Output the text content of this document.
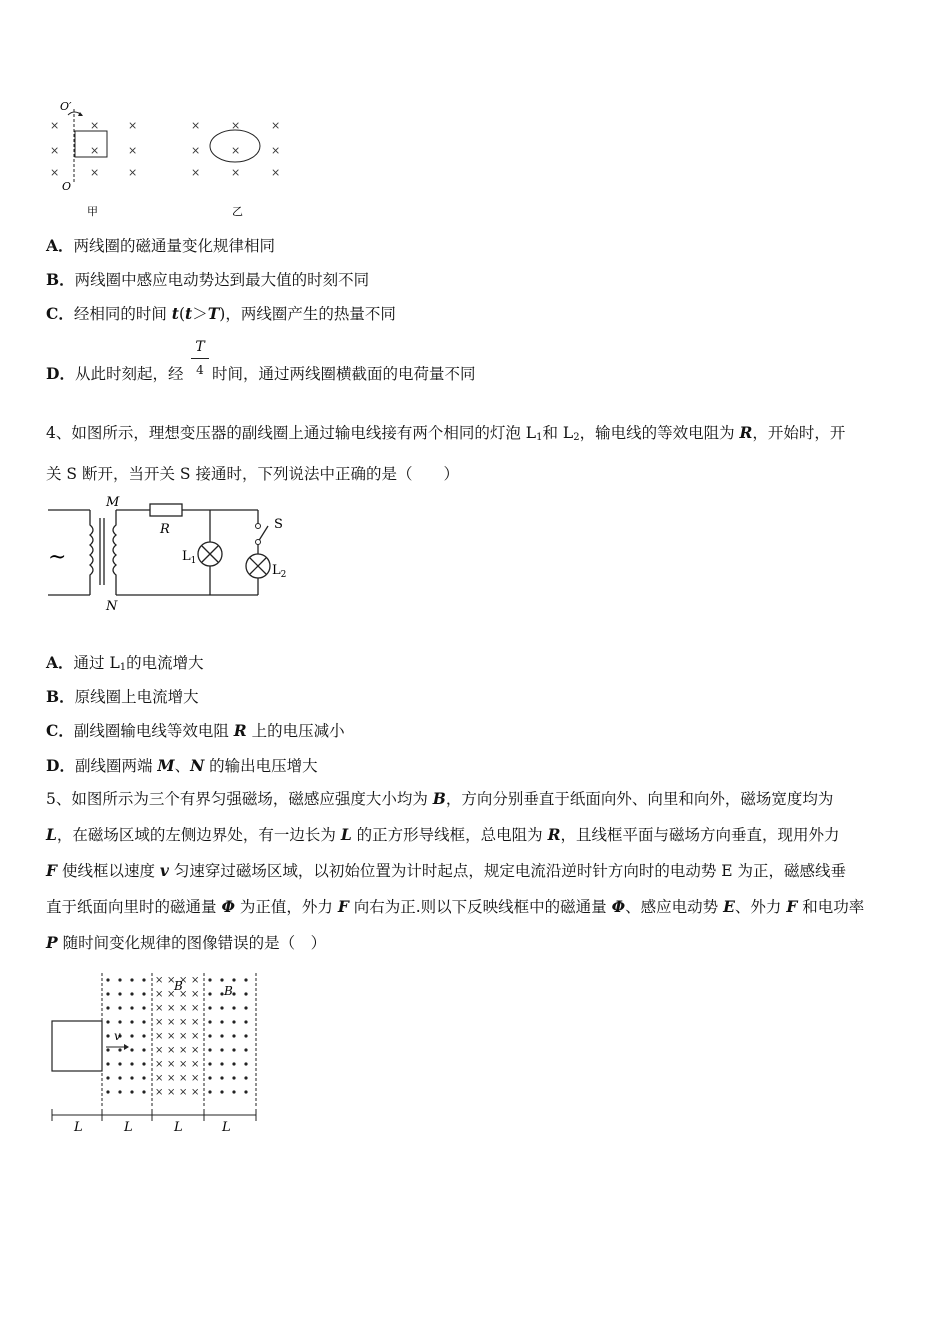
×	×	×
×	×	×
×	×	×
O′
O
甲
×	×	×
×	×	×
×	×	×
乙
A．两线圈的磁通量变化规律相同
B．两线圈中感应电动势达到最大值的时刻不同
C．经相同的时间 t(t＞T)，两线圈产生的热量不同
D．从此时刻起，经
T
4 时间，通过两线圈横截面的电荷量不同
4、如图所示，理想变压器的副线圈上通过输电线接有两个相同的灯泡 $L_1$和 $L_2$，输电线的等效电阻为 R，开始时，开
关 S 断开，当开关 S 接通时，下列说法中正确的是（　　）
~
M
N
R	S
$L_1$
$L_2$
A．通过 $L_1$的电流增大
B．原线圈上电流增大
C．副线圈输电线等效电阻 R 上的电压减小
D．副线圈两端 M、N 的输出电压增大
5、如图所示为三个有界匀强磁场，磁感应强度大小均为 B，方向分别垂直于纸面向外、向里和向外，磁场宽度均为
L，在磁场区域的左侧边界处，有一边长为 L 的正方形导线框，总电阻为 R，且线框平面与磁场方向垂直，现用外力
F 使线框以速度 v 匀速穿过磁场区域，以初始位置为计时起点，规定电流沿逆时针方向时的电动势 E 为正，磁感线垂
直于纸面向里时的磁通量 Φ 为正值，外力 F 向右为正.则以下反映线框中的磁通量 Φ、感应电动势 E、外力 F 和电功率
P 随时间变化规律的图像错误的是（　）
× × × ×
× × × ×
× × × ×
× × × ×
× × × ×
× × × ×
× × × ×
× × × ×
× × × ×
v
B	B
L	L	L	L
